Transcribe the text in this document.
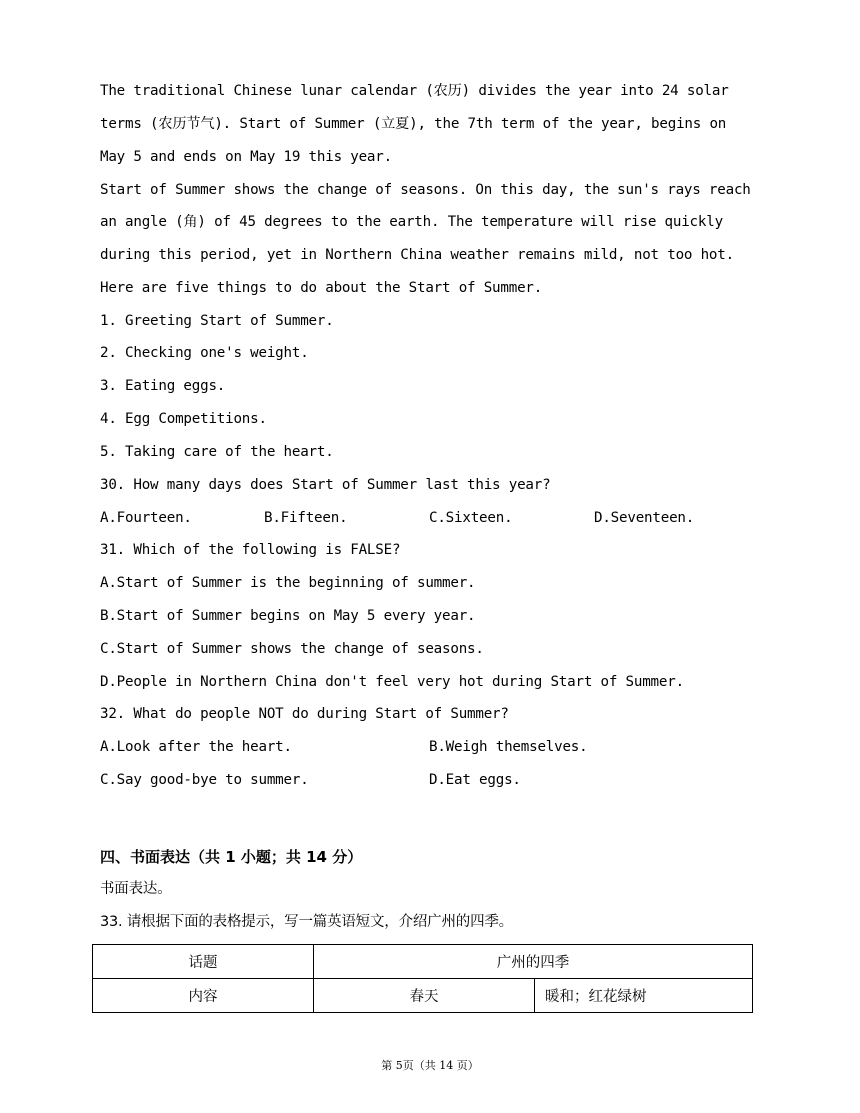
The traditional Chinese lunar calendar (农历) divides the year into 24 solar
terms (农历节气). Start of Summer (立夏), the 7th term of the year, begins on
May 5 and ends on May 19 this year.
Start of Summer shows the change of seasons. On this day, the sun's rays reach
an angle (角) of 45 degrees to the earth. The temperature will rise quickly
during this period, yet in Northern China weather remains mild, not too hot.
Here are five things to do about the Start of Summer.
1. Greeting Start of Summer.
2. Checking one's weight.
3. Eating eggs.
4. Egg Competitions.
5. Taking care of the heart.
30. How many days does Start of Summer last this year?
A.Fourteen.	B.Fifteen.	C.Sixteen.	D.Seventeen.
31. Which of the following is FALSE?
A.Start of Summer is the beginning of summer.
B.Start of Summer begins on May 5 every year.
C.Start of Summer shows the change of seasons.
D.People in Northern China don't feel very hot during Start of Summer.
32. What do people NOT do during Start of Summer?
A.Look after the heart.	B.Weigh themselves.
C.Say good-bye to summer.	D.Eat eggs.
四、书面表达（共 1 小题；共 14 分）
书面表达。
33. 请根据下面的表格提示，写一篇英语短文，介绍广州的四季。
话题	广州的四季	
内容	春天	暖和；红花绿树
第 5页（共 14 页）
